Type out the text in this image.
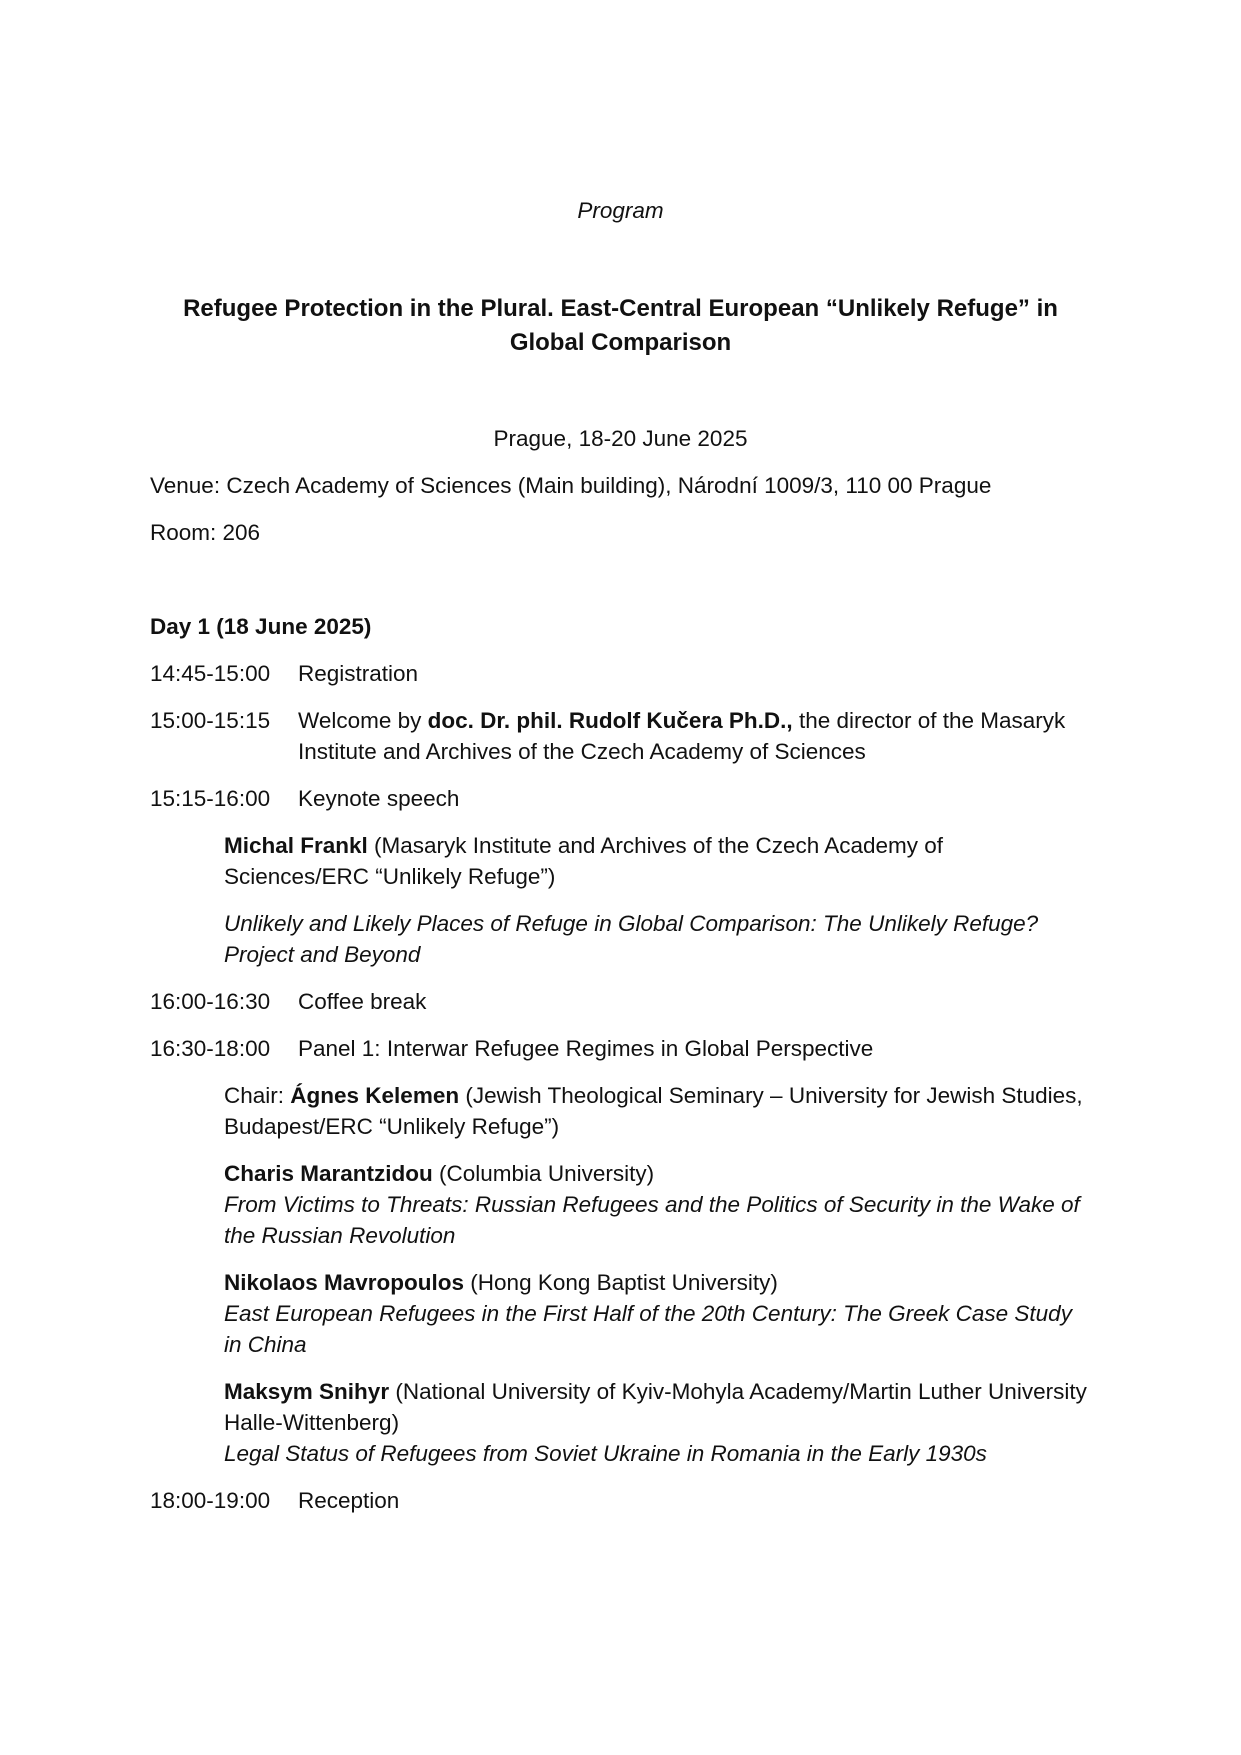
Program
Refugee Protection in the Plural. East-Central European “Unlikely Refuge” in
Global Comparison
Prague, 18-20 June 2025
Venue: Czech Academy of Sciences (Main building), Národní 1009/3, 110 00 Prague
Room: 206
Day 1 (18 June 2025)
14:45-15:00 Registration
15:00-15:15 Welcome by doc. Dr. phil. Rudolf Kučera Ph.D., the director of the Masaryk Institute and Archives of the Czech Academy of Sciences
15:15-16:00 Keynote speech

Michal Frankl (Masaryk Institute and Archives of the Czech Academy of Sciences/ERC “Unlikely Refuge”)

Unlikely and Likely Places of Refuge in Global Comparison: The Unlikely Refuge? Project and Beyond

16:00-16:30 Coffee break
16:30-18:00 Panel 1: Interwar Refugee Regimes in Global Perspective

Chair: Ágnes Kelemen (Jewish Theological Seminary – University for Jewish Studies, Budapest/ERC “Unlikely Refuge”)

Charis Marantzidou (Columbia University)

From Victims to Threats: Russian Refugees and the Politics of Security in the Wake of the Russian Revolution

Nikolaos Mavropoulos (Hong Kong Baptist University)

East European Refugees in the First Half of the 20th Century: The Greek Case Study in China

Maksym Snihyr (National University of Kyiv-Mohyla Academy/Martin Luther University Halle-Wittenberg)

Legal Status of Refugees from Soviet Ukraine in Romania in the Early 1930s

18:00-19:00 Reception
